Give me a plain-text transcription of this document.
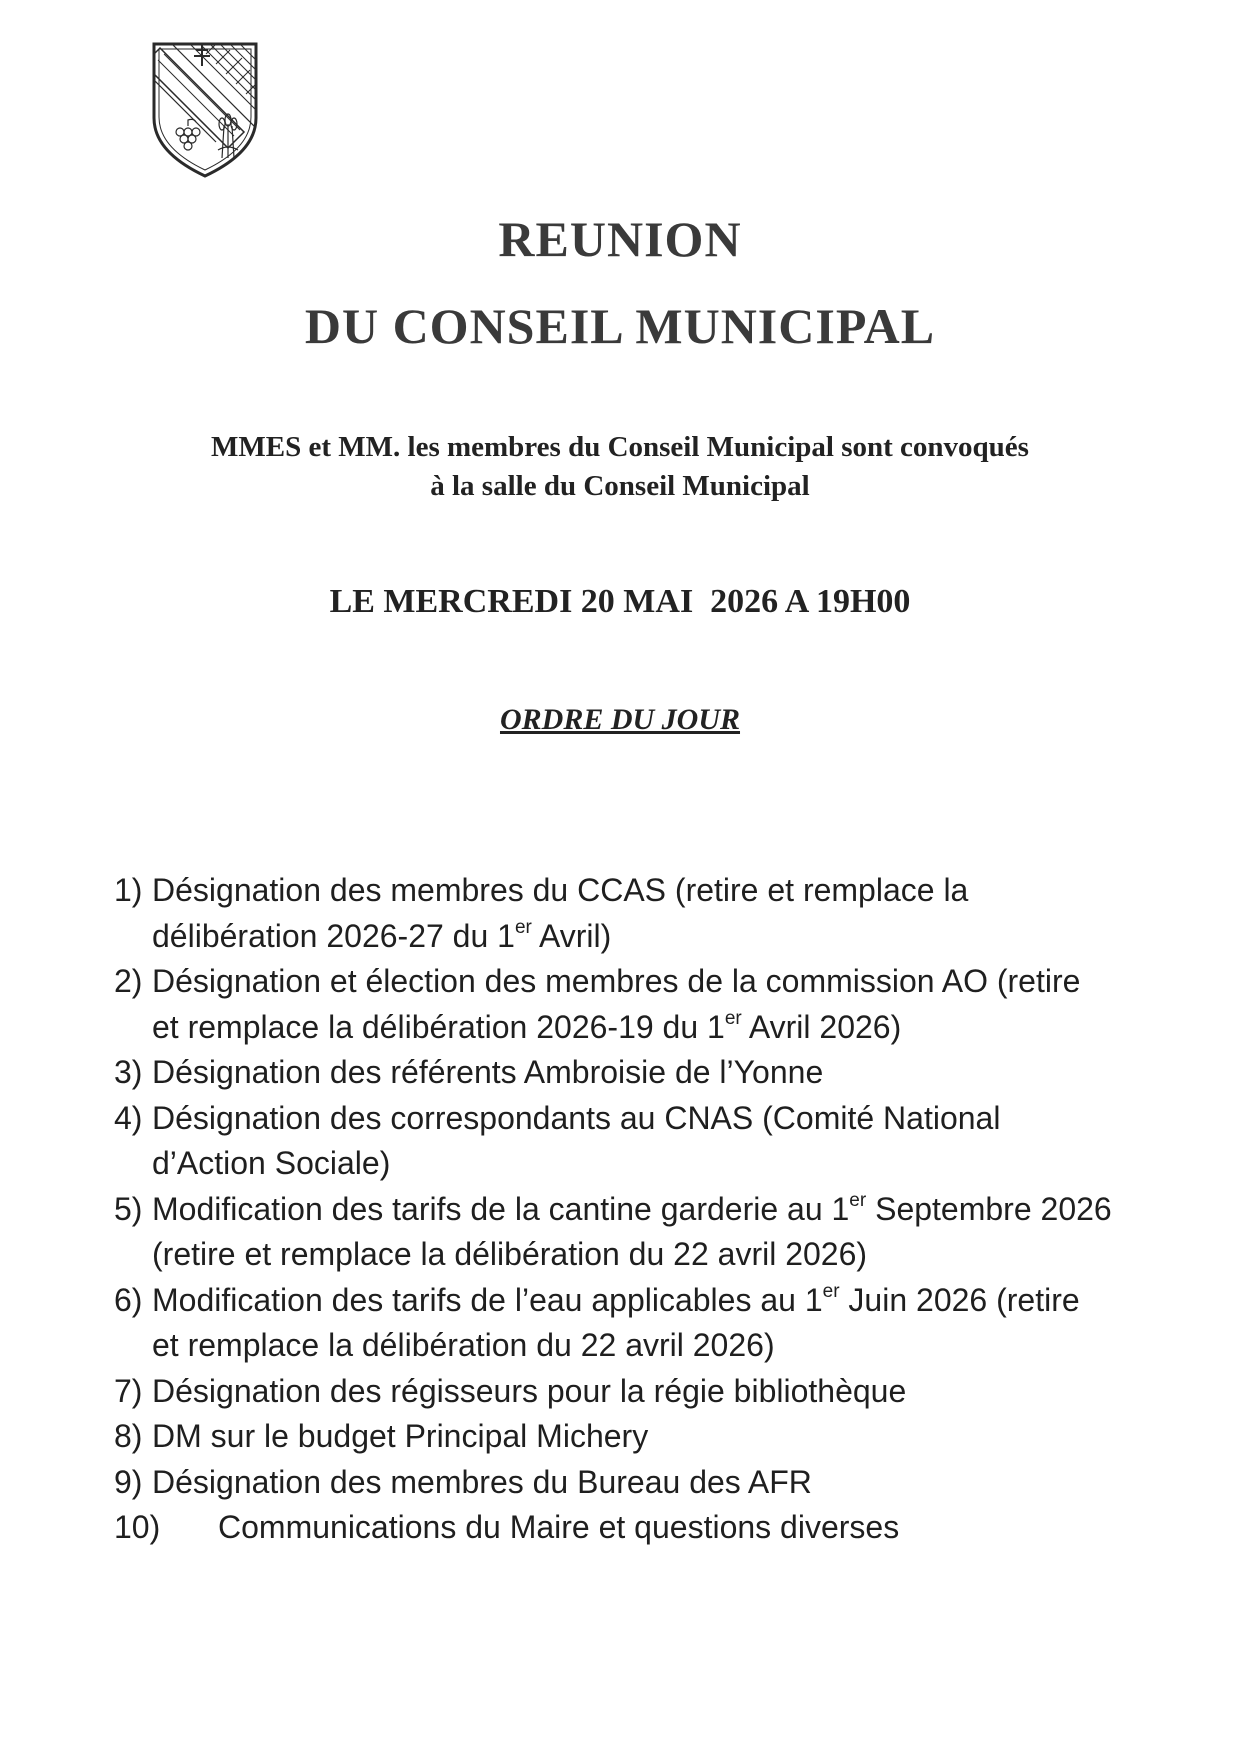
REUNION
DU CONSEIL MUNICIPAL
MMES et MM. les membres du Conseil Municipal sont convoqués
à la salle du Conseil Municipal
LE MERCREDI 20 MAI  2026 A 19H00
ORDRE DU JOUR
1) Désignation des membres du CCAS (retire et remplace la délibération 2026-27 du 1er Avril)
2) Désignation et élection des membres de la commission AO (retire et remplace la délibération 2026-19 du 1er Avril 2026)
3) Désignation des référents Ambroisie de l’Yonne
4) Désignation des correspondants au CNAS (Comité National d’Action Sociale)
5) Modification des tarifs de la cantine garderie au 1er Septembre 2026 (retire et remplace la délibération du 22 avril 2026)
6) Modification des tarifs de l’eau applicables au 1er Juin 2026 (retire et remplace la délibération du 22 avril 2026)
7) Désignation des régisseurs pour la régie bibliothèque
8) DM sur le budget Principal Michery
9) Désignation des membres du Bureau des AFR
10)	Communications du Maire et questions diverses
